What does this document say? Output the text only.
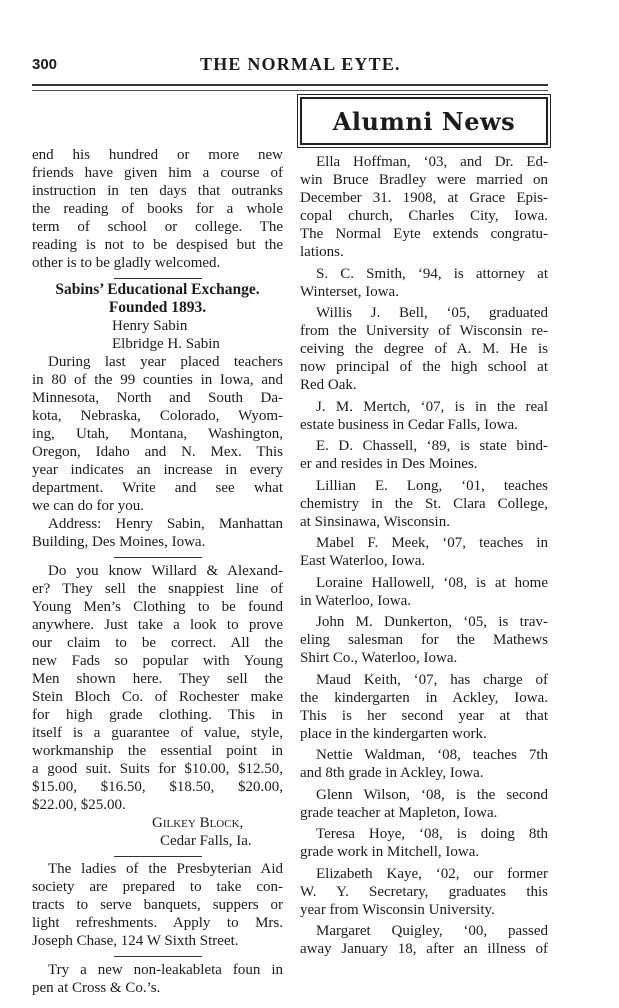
300	THE NORMAL EYTE.
Alumni News
end his hundred or more new
friends have given him a course of
instruction in ten days that outranks
the reading of books for a whole
term of school or college. The
reading is not to be despised but the
other is to be gladly welcomed.
Sabins’ Educational Exchange.
Founded 1893.
Henry Sabin
Elbridge H. Sabin
During last year placed teachers
in 80 of the 99 counties in Iowa, and
Minnesota, North and South Da-
kota, Nebraska, Colorado, Wyom-
ing, Utah, Montana, Washington,
Oregon, Idaho and N. Mex. This
year indicates an increase in every
department. Write and see what
we can do for you.
Address: Henry Sabin, Manhattan
Building, Des Moines, Iowa.
Do you know Willard & Alexand-
er? They sell the snappiest line of
Young Men’s Clothing to be found
anywhere. Just take a look to prove
our claim to be correct. All the
new Fads so popular with Young
Men shown here. They sell the
Stein Bloch Co. of Rochester make
for high grade clothing. This in
itself is a guarantee of value, style,
workmanship the essential point in
a good suit. Suits for $10.00, $12.50,
$15.00, $16.50, $18.50, $20.00,
$22.00, $25.00.
Gilkey Block,
Cedar Falls, Ia.
The ladies of the Presbyterian Aid
society are prepared to take con-
tracts to serve banquets, suppers or
light refreshments. Apply to Mrs.
Joseph Chase, 124 W Sixth Street.
Try a new non-leakableta foun in
pen at Cross & Co.’s.
Ella Hoffman, ‘03, and Dr. Ed-
win Bruce Bradley were married on
December 31. 1908, at Grace Epis-
copal church, Charles City, Iowa.
The Normal Eyte extends congratu-
lations.
S. C. Smith, ‘94, is attorney at
Winterset, Iowa.
Willis J. Bell, ‘05, graduated
from the University of Wisconsin re-
ceiving the degree of A. M. He is
now principal of the high school at
Red Oak.
J. M. Mertch, ‘07, is in the real
estate business in Cedar Falls, Iowa.
E. D. Chassell, ‘89, is state bind-
er and resides in Des Moines.
Lillian E. Long, ‘01, teaches
chemistry in the St. Clara College,
at Sinsinawa, Wisconsin.
Mabel F. Meek, ‘07, teaches in
East Waterloo, Iowa.
Loraine Hallowell, ‘08, is at home
in Waterloo, Iowa.
John M. Dunkerton, ‘05, is trav-
eling salesman for the Mathews
Shirt Co., Waterloo, Iowa.
Maud Keith, ‘07, has charge of
the kindergarten in Ackley, Iowa.
This is her second year at that
place in the kindergarten work.
Nettie Waldman, ‘08, teaches 7th
and 8th grade in Ackley, Iowa.
Glenn Wilson, ‘08, is the second
grade teacher at Mapleton, Iowa.
Teresa Hoye, ‘08, is doing 8th
grade work in Mitchell, Iowa.
Elizabeth Kaye, ‘02, our former
W. Y. Secretary, graduates this
year from Wisconsin University.
Margaret Quigley, ‘00, passed
away January 18, after an illness of
